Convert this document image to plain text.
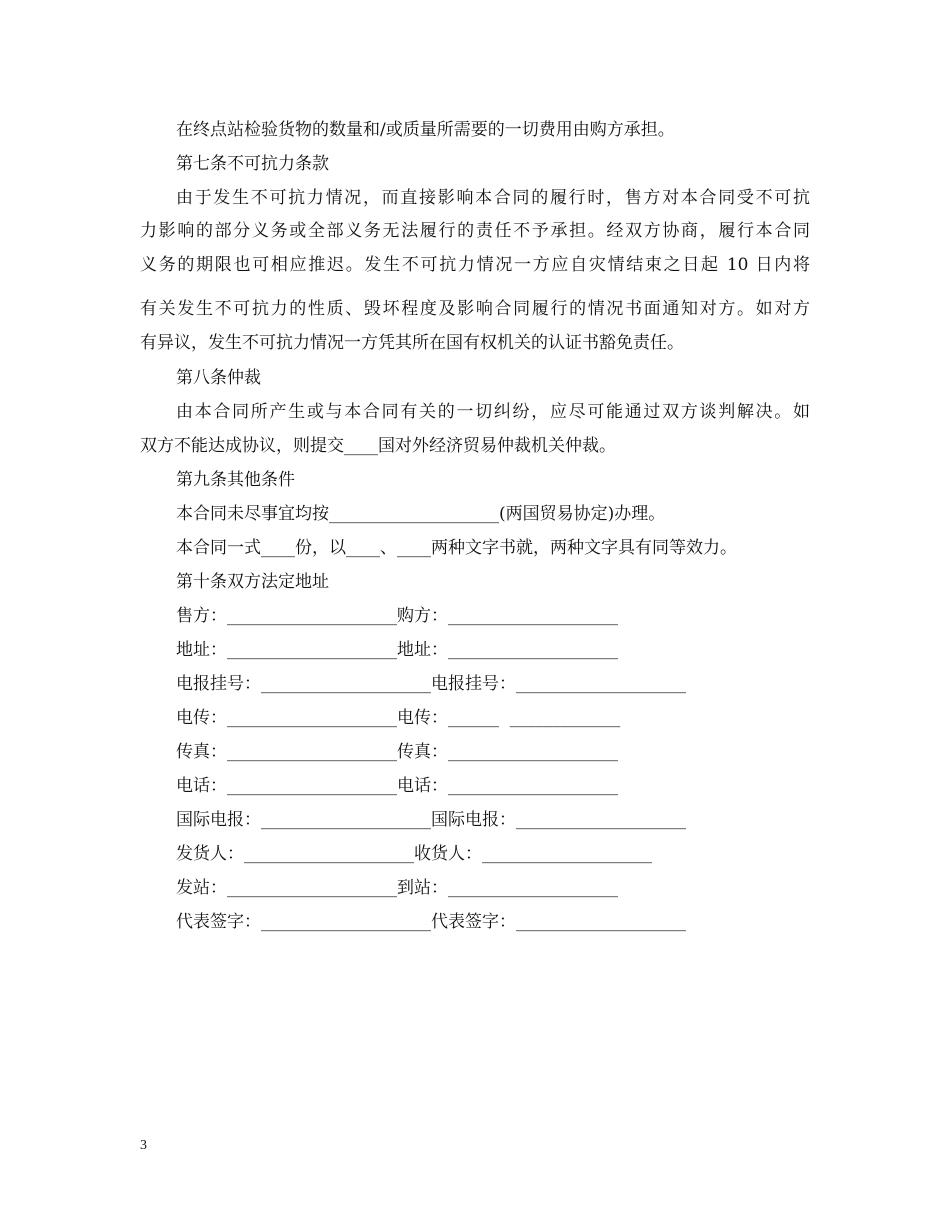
在终点站检验货物的数量和/或质量所需要的一切费用由购方承担。
第七条不可抗力条款
由于发生不可抗力情况，而直接影响本合同的履行时，售方对本合同受不可抗
力影响的部分义务或全部义务无法履行的责任不予承担。经双方协商，履行本合同
义务的期限也可相应推迟。发生不可抗力情况一方应自灾情结束之日起 10 日内将
有关发生不可抗力的性质、毁坏程度及影响合同履行的情况书面通知对方。如对方
有异议，发生不可抗力情况一方凭其所在国有权机关的认证书豁免责任。
第八条仲裁
由本合同所产生或与本合同有关的一切纠纷，应尽可能通过双方谈判解决。如
双方不能达成协议，则提交____国对外经济贸易仲裁机关仲裁。
第九条其他条件
本合同未尽事宜均按____________________(两国贸易协定)办理。
本合同一式____份，以____、____两种文字书就，两种文字具有同等效力。
第十条双方法定地址
售方：____________________购方：____________________
地址：____________________地址：____________________
电报挂号：____________________电报挂号：____________________
电传：____________________电传：______  _____________
传真：____________________传真：____________________
电话：____________________电话：____________________
国际电报：____________________国际电报：____________________
发货人：____________________收货人：____________________
发站：____________________到站：____________________
代表签字：____________________代表签字：____________________
3
